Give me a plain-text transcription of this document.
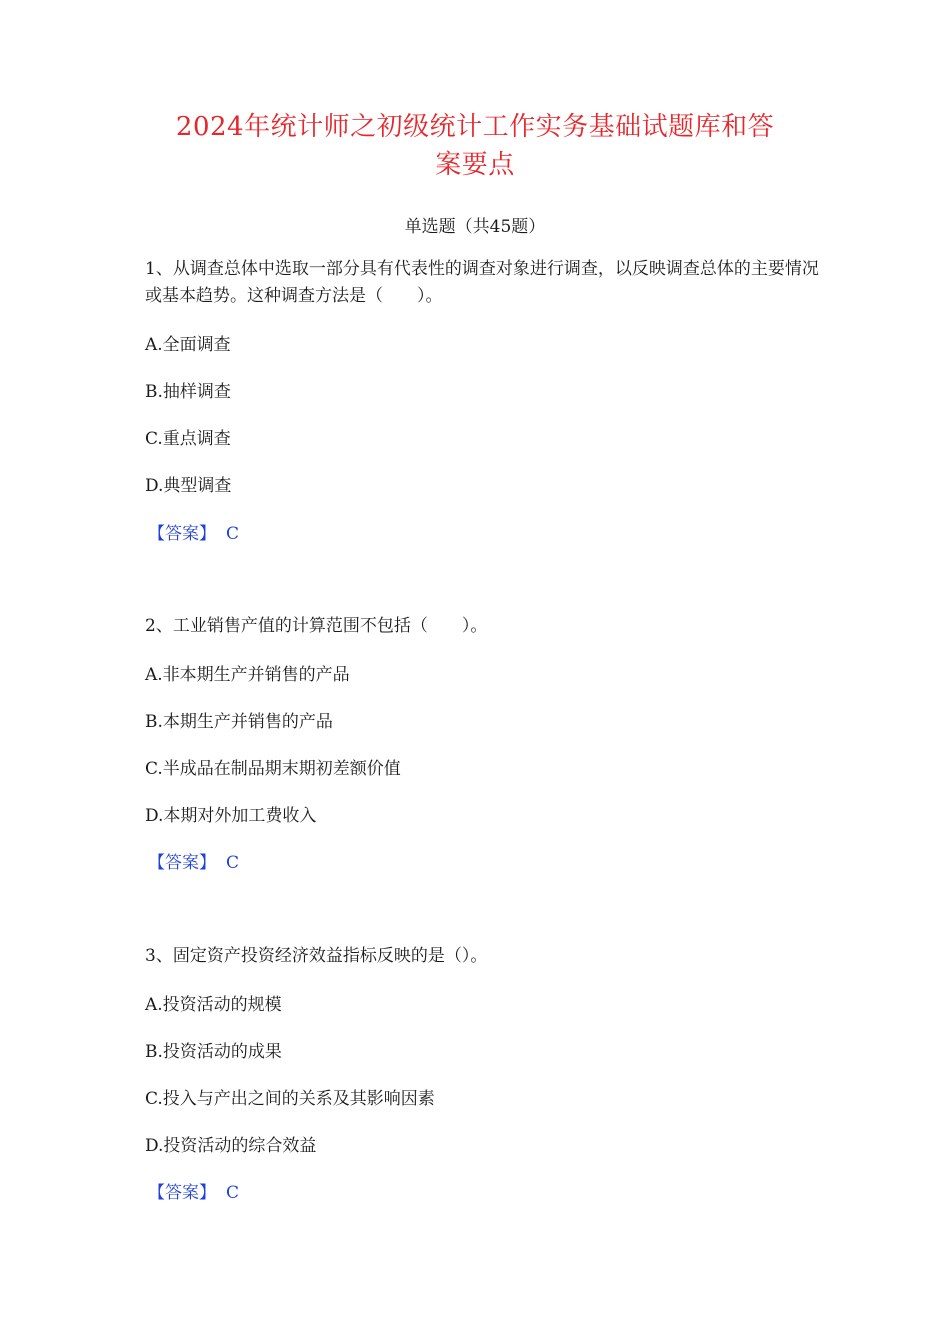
2024年统计师之初级统计工作实务基础试题库和答
案要点
单选题（共45题）

1、从调查总体中选取一部分具有代表性的调查对象进行调查，以反映调查总体的主要情况或基本趋势。这种调查方法是（　　）。

A.全面调查
B.抽样调查
C.重点调查
D.典型调查
【答案】 C

2、工业销售产值的计算范围不包括（　　）。

A.非本期生产并销售的产品
B.本期生产并销售的产品
C.半成品在制品期末期初差额价值
D.本期对外加工费收入
【答案】 C

3、固定资产投资经济效益指标反映的是（）。

A.投资活动的规模
B.投资活动的成果
C.投入与产出之间的关系及其影响因素
D.投资活动的综合效益
【答案】 C
